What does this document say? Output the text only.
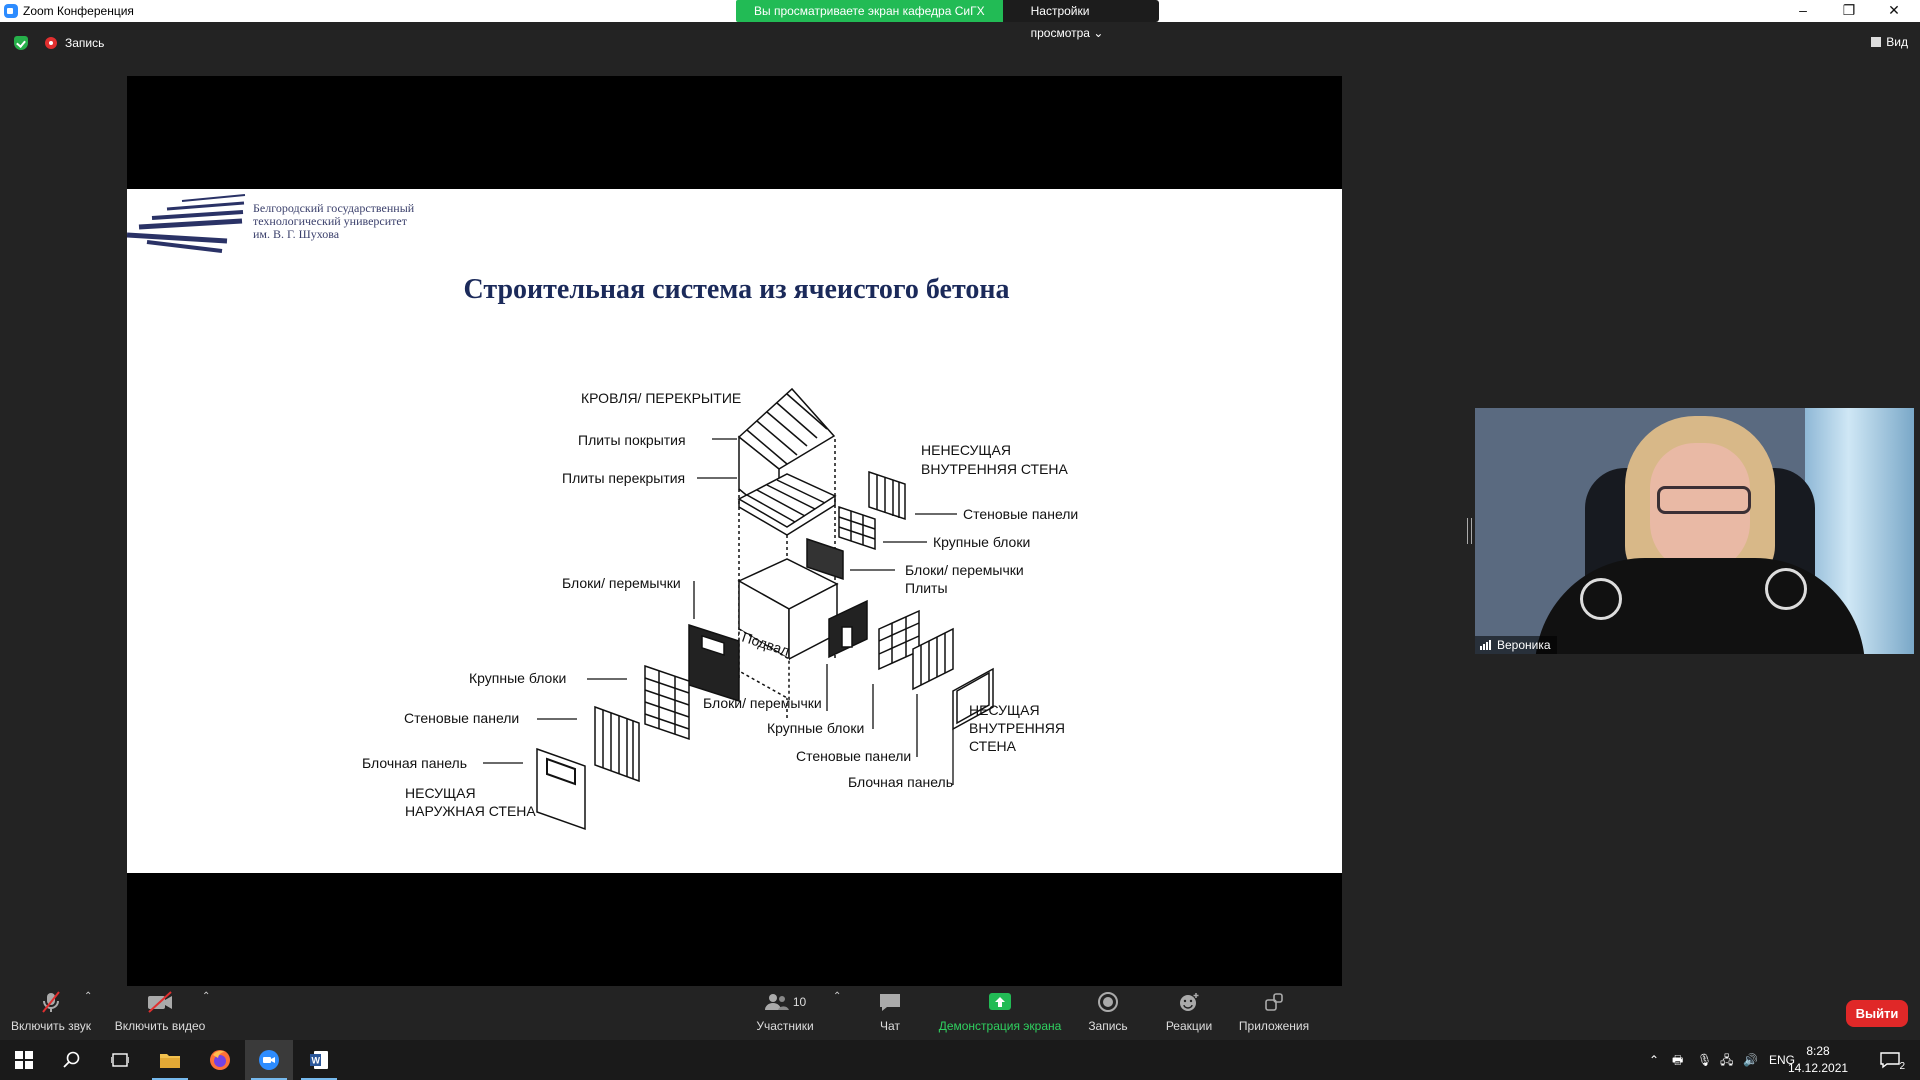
Zoom Конференция	Вы просматриваете экран кафедра СиГХ	Настройки просмотра ⌄
–	❐	✕
Запись	Вид
Белгородский государственный
технологический университет
им. В. Г. Шухова
Строительная система из ячеистого бетона
КРОВЛЯ/ ПЕРЕКРЫТИЕ
Плиты покрытия
Плиты перекрытия
НЕНЕСУЩАЯ
ВНУТРЕННЯЯ СТЕНА
Стеновые панели
Крупные блоки
Блоки/ перемычки
Плиты
Блоки/ перемычки
Подвал
Крупные блоки
Блоки/ перемычки
Стеновые панели
Крупные блоки
Блочная панель	Стеновые панели
НЕСУЩАЯ
НАРУЖНАЯ СТЕНА
Блочная панель
НЕСУЩАЯ
ВНУТРЕННЯЯ
СТЕНА
Вероника
Включить звук
⌃
Включить видео
⌃	10
Участники
⌃
Чат	Демонстрация экрана	Запись	Реакции	Приложения
Выйти
W	⌃ 🖶 🎙 🖧 🔊 ENG
8:28
14.12.2021	2
